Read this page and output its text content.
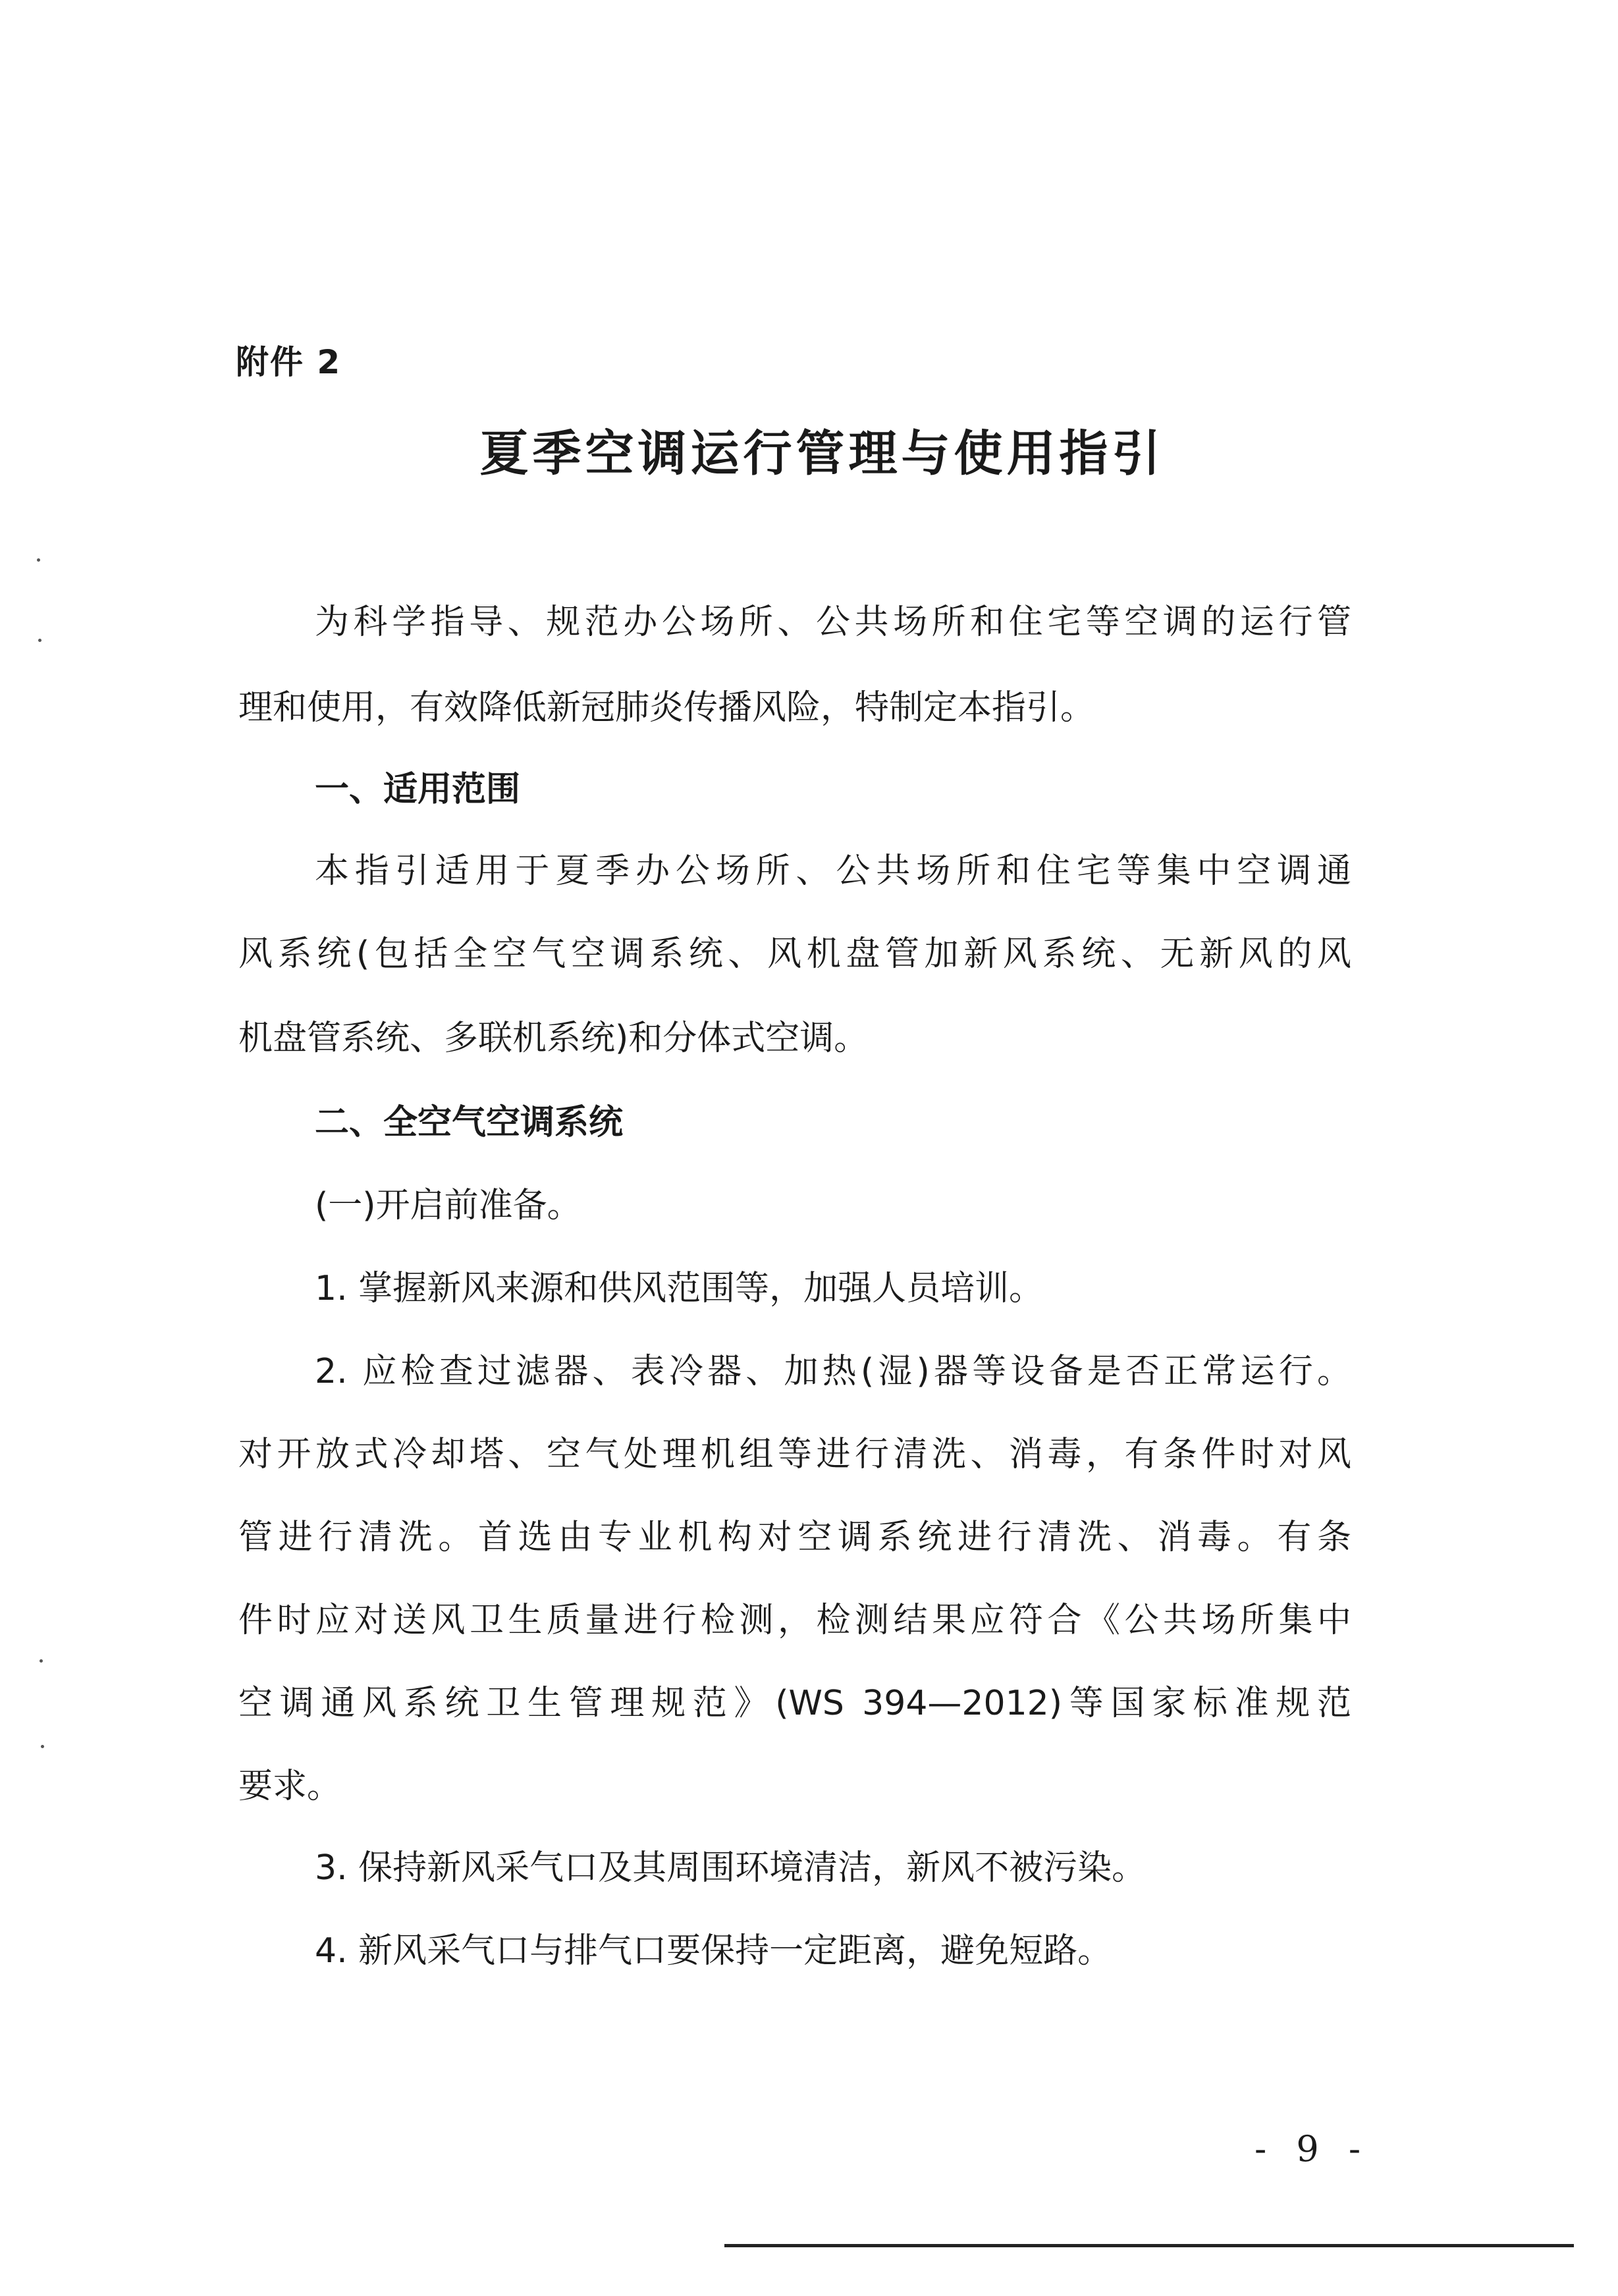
附件 2
夏季空调运行管理与使用指引
为科学指导、规范办公场所、公共场所和住宅等空调的运行管
理和使用，有效降低新冠肺炎传播风险，特制定本指引。
一、适用范围
本指引适用于夏季办公场所、公共场所和住宅等集中空调通
风系统(包括全空气空调系统、风机盘管加新风系统、无新风的风
机盘管系统、多联机系统)和分体式空调。
二、全空气空调系统
(一)开启前准备。
1. 掌握新风来源和供风范围等，加强人员培训。
2. 应检查过滤器、表冷器、加热(湿)器等设备是否正常运行。
对开放式冷却塔、空气处理机组等进行清洗、消毒，有条件时对风
管进行清洗。首选由专业机构对空调系统进行清洗、消毒。有条
件时应对送风卫生质量进行检测，检测结果应符合《公共场所集中
空调通风系统卫生管理规范》(WS 394—2012)等国家标准规范
要求。
3. 保持新风采气口及其周围环境清洁，新风不被污染。
4. 新风采气口与排气口要保持一定距离，避免短路。
- 9 -
